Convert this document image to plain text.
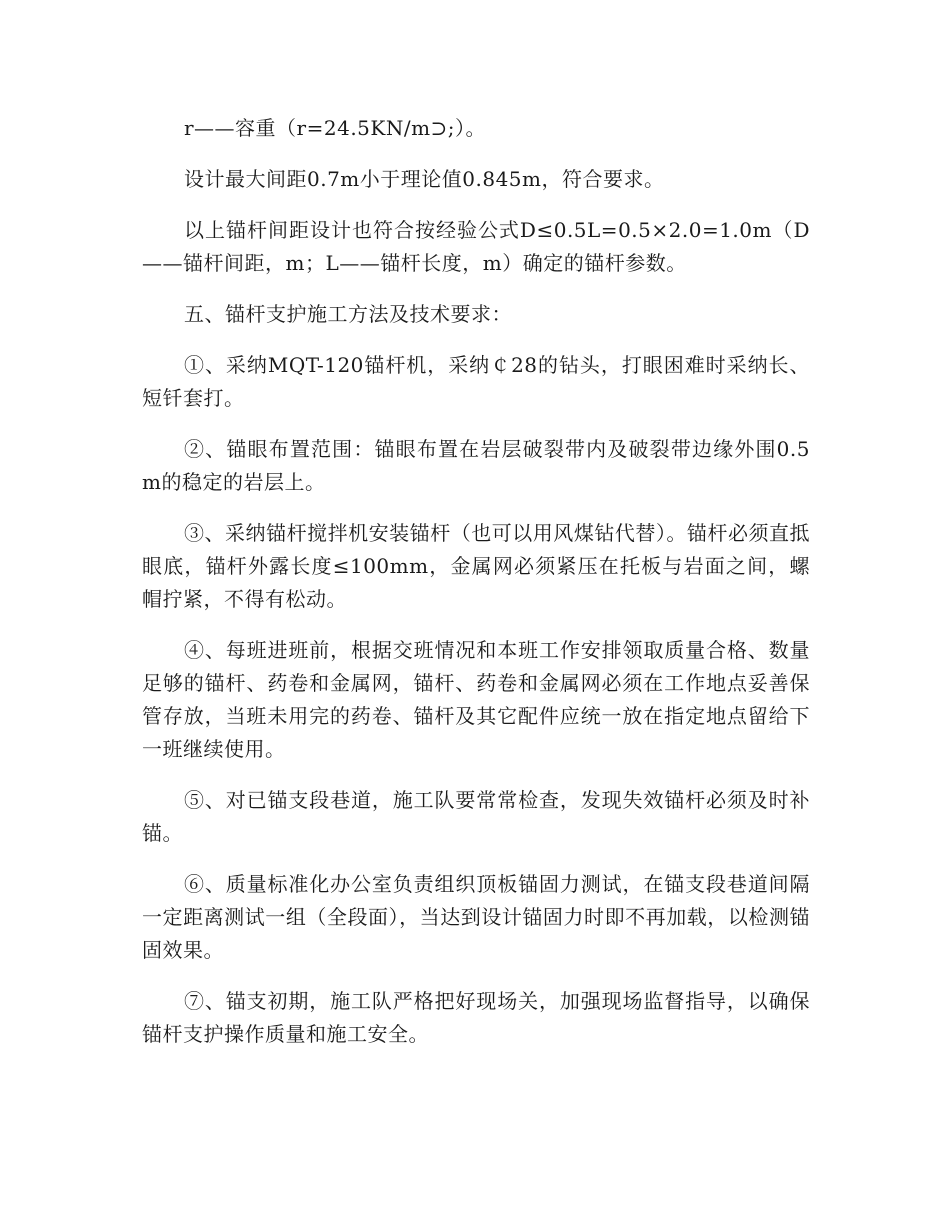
r——容重（r=24.5KN/m⊃;）。

设计最大间距0.7m小于理论值0.845m，符合要求。

以上锚杆间距设计也符合按经验公式D≤0.5L=0.5×2.0=1.0m（D——锚杆间距，m；L——锚杆长度，m）确定的锚杆参数。

五、锚杆支护施工方法及技术要求：

①、采纳MQT-120锚杆机，采纳￠28的钻头，打眼困难时采纳长、短钎套打。

②、锚眼布置范围：锚眼布置在岩层破裂带内及破裂带边缘外围0.5m的稳定的岩层上。

③、采纳锚杆搅拌机安装锚杆（也可以用风煤钻代替）。锚杆必须直抵眼底，锚杆外露长度≤100mm，金属网必须紧压在托板与岩面之间，螺帽拧紧，不得有松动。

④、每班进班前，根据交班情况和本班工作安排领取质量合格、数量足够的锚杆、药卷和金属网，锚杆、药卷和金属网必须在工作地点妥善保管存放，当班未用完的药卷、锚杆及其它配件应统一放在指定地点留给下一班继续使用。

⑤、对已锚支段巷道，施工队要常常检查，发现失效锚杆必须及时补锚。

⑥、质量标准化办公室负责组织顶板锚固力测试，在锚支段巷道间隔一定距离测试一组（全段面），当达到设计锚固力时即不再加载，以检测锚固效果。

⑦、锚支初期，施工队严格把好现场关，加强现场监督指导，以确保锚杆支护操作质量和施工安全。
